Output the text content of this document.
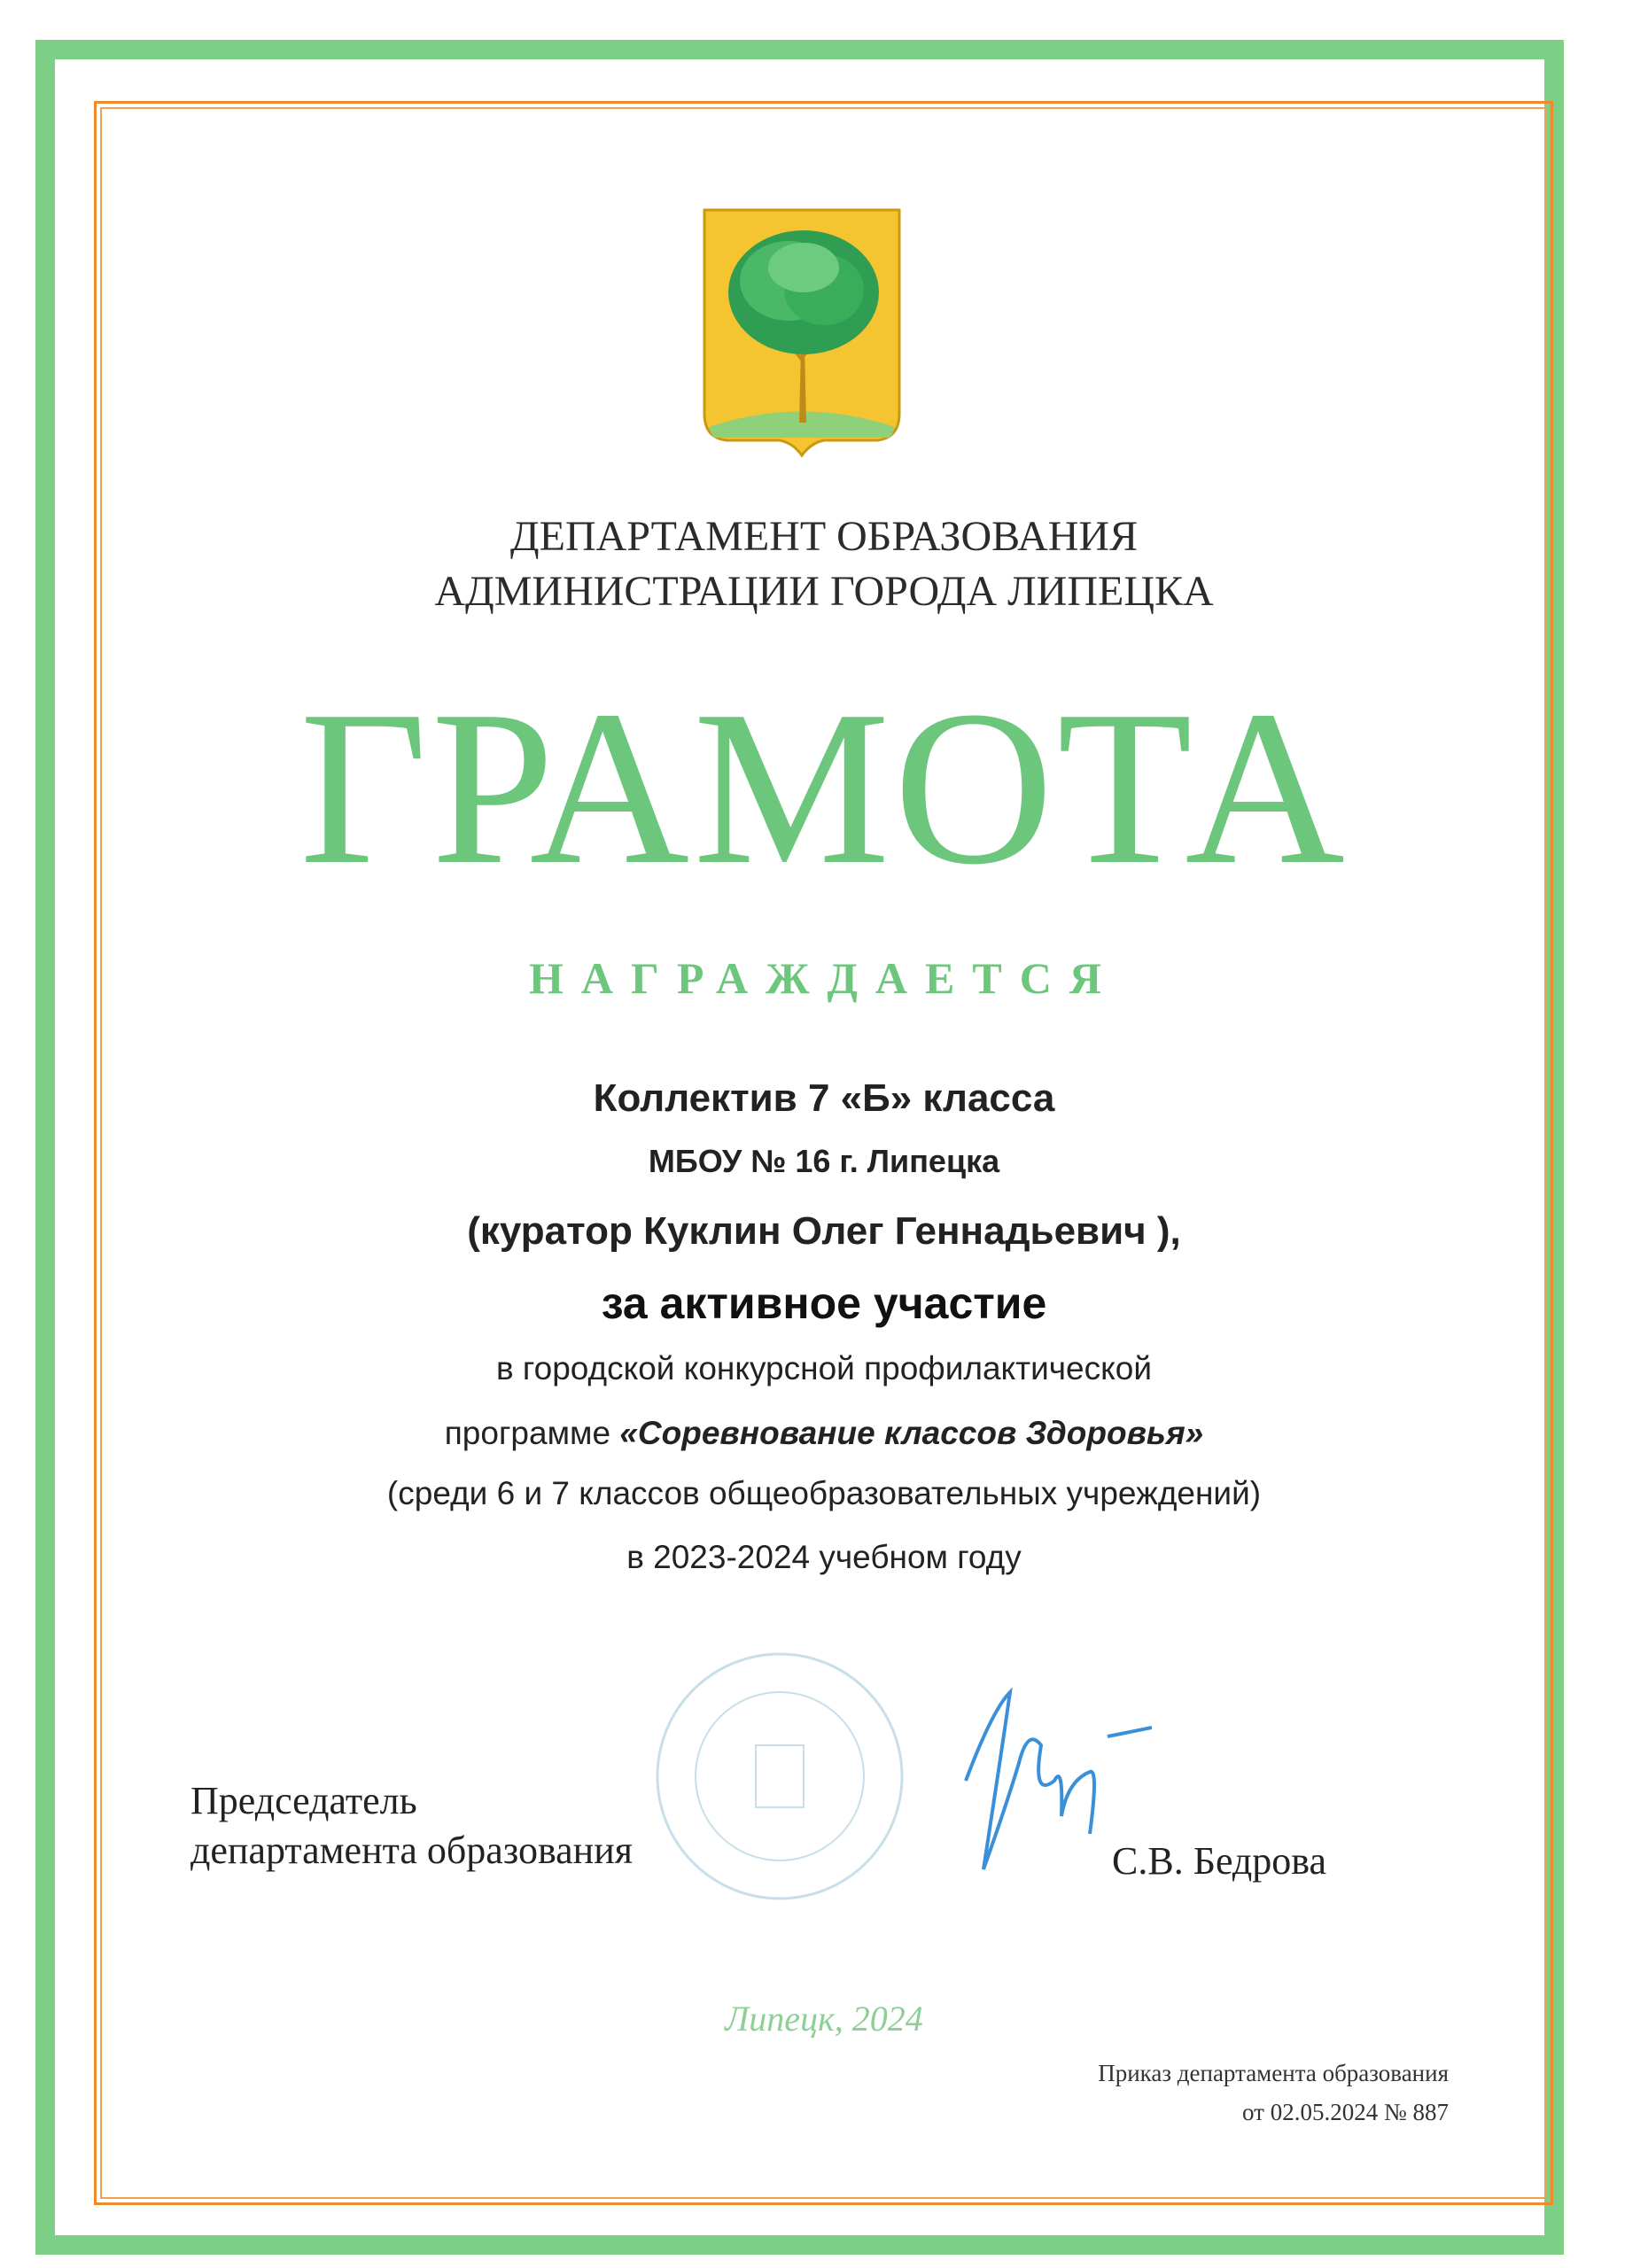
ДЕПАРТАМЕНТ ОБРАЗОВАНИЯ
АДМИНИСТРАЦИИ ГОРОДА ЛИПЕЦКА
ГРАМОТА
НАГРАЖДАЕТСЯ
Коллектив 7 «Б» класса
МБОУ № 16 г. Липецка
(куратор Куклин Олег Геннадьевич ),
за активное участие
в городской конкурсной профилактической
программе «Соревнование классов Здоровья»
(среди 6 и 7 классов общеобразовательных учреждений)
в 2023-2024 учебном году
Председатель
департамента образования	С.В. Бедрова
Липецк, 2024
Приказ департамента образования
от 02.05.2024 № 887
